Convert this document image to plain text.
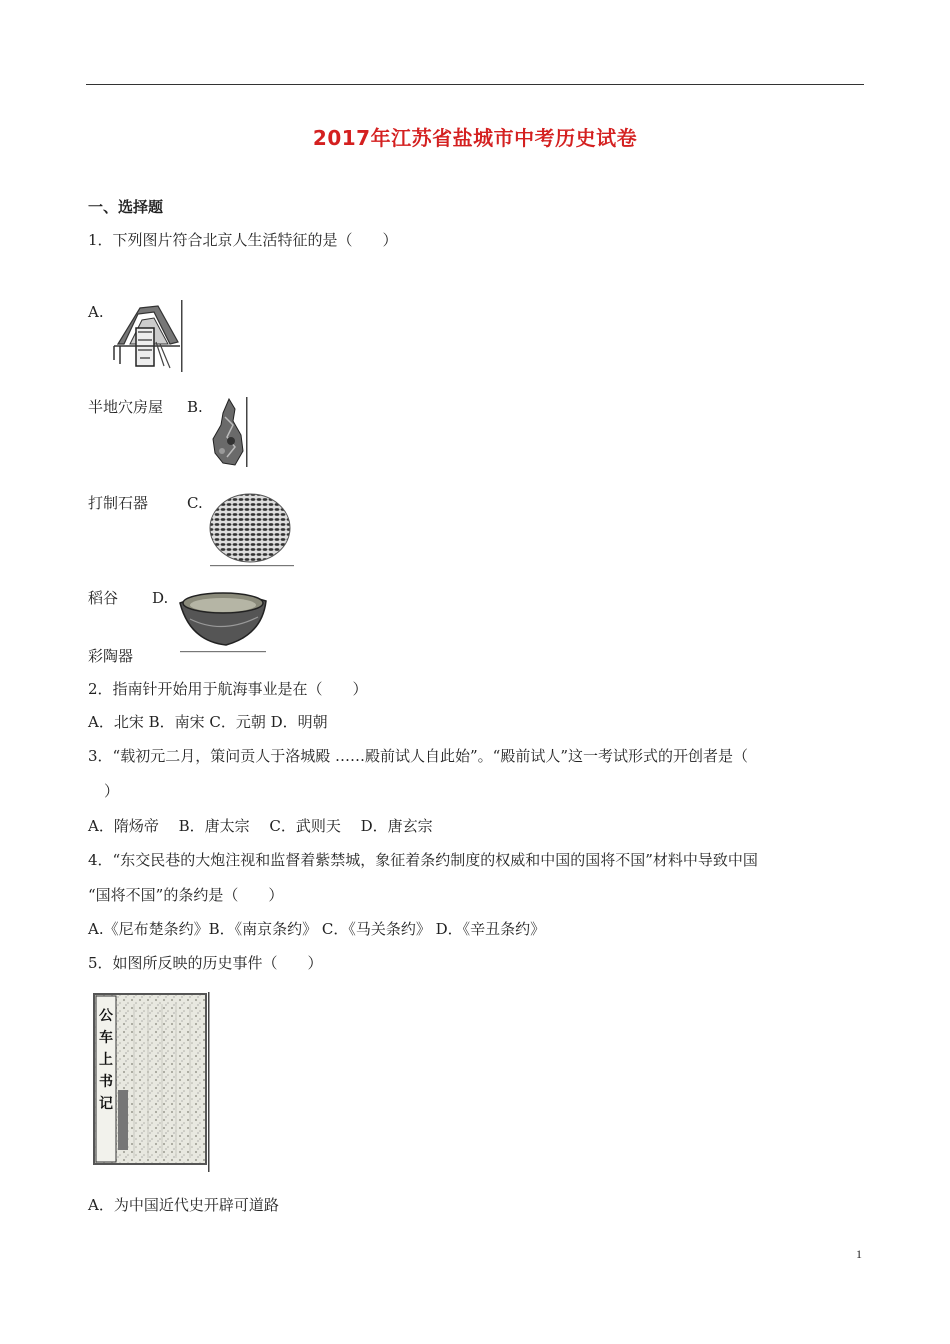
2017年江苏省盐城市中考历史试卷
一、选择题
1．下列图片符合北京人生活特征的是（　　）
A.
半地穴房屋 B.
打制石器	C.
稻谷 D.
彩陶器
2．指南针开始用于航海事业是在（　　）
A．北宋 B．南宋 C．元朝 D．明朝
3．“载初元二月，策问贡人于洛城殿 ……殿前试人自此始”。“殿前试人”这一考试形式的开创者是（
）
A．隋炀帝　 B．唐太宗　 C．武则天　 D．唐玄宗
4．“东交民巷的大炮注视和监督着紫禁城，象征着条约制度的权威和中国的国将不国”材料中导致中国
“国将不国”的条约是（　　）
A.《尼布楚条约》B．《南京条约》 C．《马关条约》 D．《辛丑条约》
5．如图所反映的历史事件（　　）
公
车
上
书
记
A．为中国近代史开辟可道路
1
